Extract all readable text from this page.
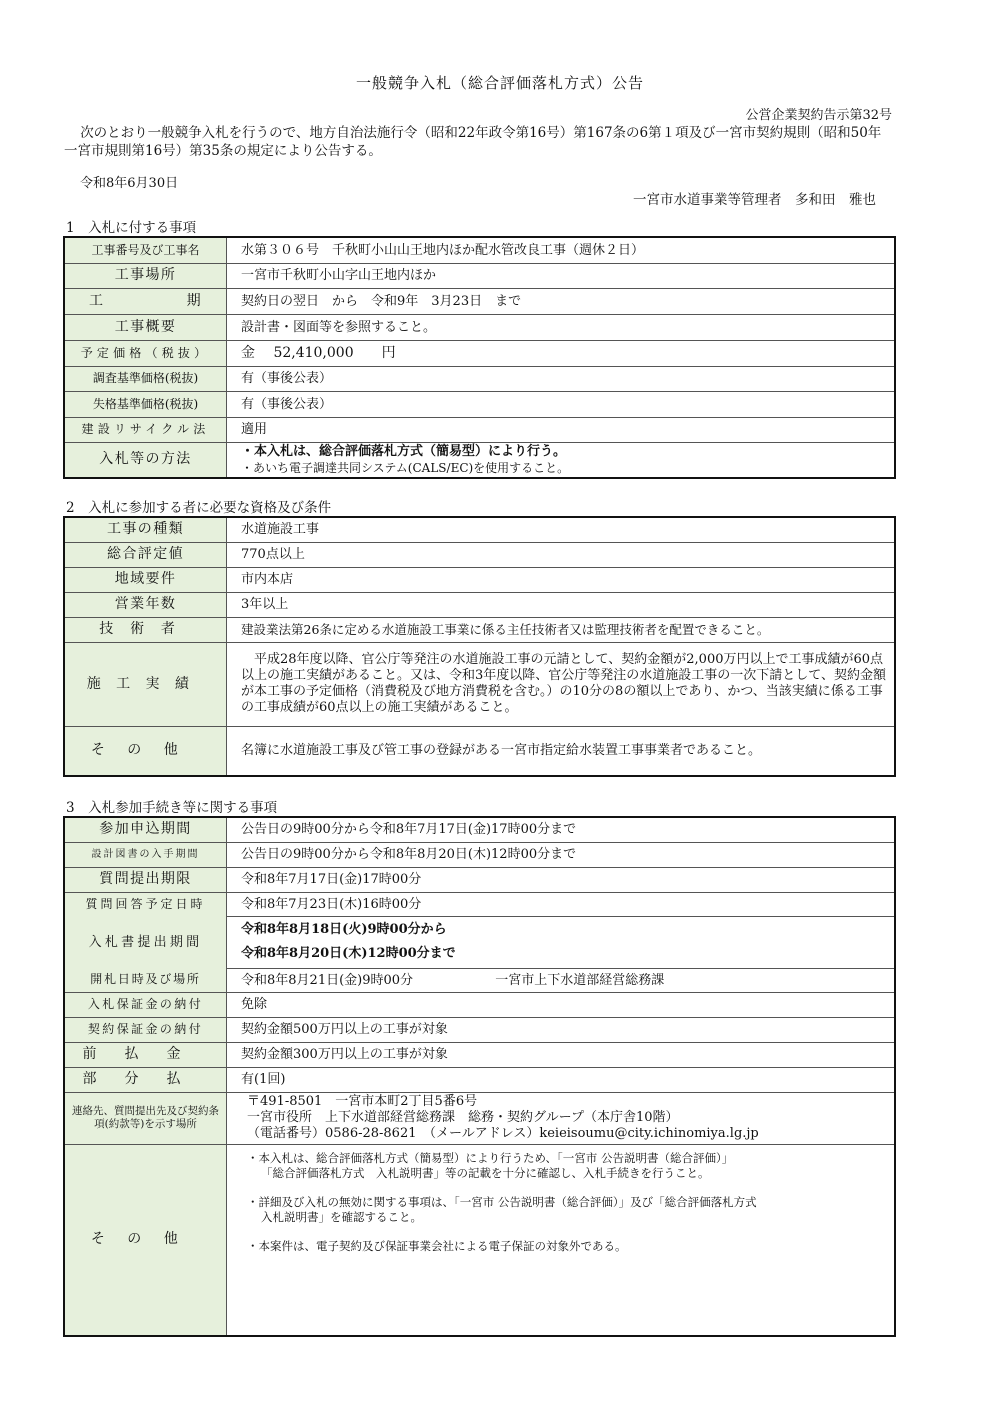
一般競争入札（総合評価落札方式）公告
公営企業契約告示第32号
次のとおり一般競争入札を行うので、地方自治法施行令（昭和22年政令第16号）第167条の6第１項及び一宮市契約規則（昭和50年一宮市規則第16号）第35条の規定により公告する。
令和8年6月30日
一宮市水道事業等管理者　多和田　雅也
1　入札に付する事項
工事番号及び工事名	水第３０６号　千秋町小山山王地内ほか配水管改良工事（週休２日）
工事場所	一宮市千秋町小山字山王地内ほか

工 期	契約日の翌日　から　令和9年　3月23日　まで
工事概要	設計書・図面等を参照すること。
予定価格（税抜）	金　 52,410,000　　円
調査基準価格(税抜)	有（事後公表）
失格基準価格(税抜)	有（事後公表）
建設リサイクル法	適用
入札等の方法	・本入札は、総合評価落札方式（簡易型）により行う。
・あいち電子調達共同システム(CALS/EC)を使用すること。
2　入札に参加する者に必要な資格及び条件
工事の種類	水道施設工事
総合評定値	770点以上
地域要件	市内本店
営業年数	3年以上
技術者	建設業法第26条に定める水道施設工事業に係る主任技術者又は監理技術者を配置できること。
施工実績	平成28年度以降、官公庁等発注の水道施設工事の元請として、契約金額が2,000万円以上で工事成績が60点以上の施工実績があること。又は、令和3年度以降、官公庁等発注の水道施設工事の一次下請として、契約金額が本工事の予定価格（消費税及び地方消費税を含む。）の10分の8の額以上であり、かつ、当該実績に係る工事の工事成績が60点以上の施工実績があること。
その他	名簿に水道施設工事及び管工事の登録がある一宮市指定給水装置工事事業者であること。
3　入札参加手続き等に関する事項
参加申込期間	公告日の9時00分から令和8年7月17日(金)17時00分まで
設計図書の入手期間	公告日の9時00分から令和8年8月20日(木)12時00分まで
質問提出期限	令和8年7月17日(金)17時00分
質問回答予定日時	令和8年7月23日(木)16時00分
入札書提出期間	令和8年8月18日(火)9時00分から
令和8年8月20日(木)12時00分まで

開札日時及び場所	令和8年8月21日(金)9時00分 一宮市上下水道部経営総務課
入札保証金の納付	免除
契約保証金の納付	契約金額500万円以上の工事が対象
前払金	契約金額300万円以上の工事が対象
部分払	有(1回)
連絡先、質問提出先及び契約条項(約款等)を示す場所	〒491-8501　一宮市本町2丁目5番6号
一宮市役所　上下水道部経営総務課　総務・契約グループ（本庁舎10階）
（電話番号）0586-28-8621　（メールアドレス）keieisoumu@city.ichinomiya.lg.jp

その他	・本入札は、総合評価落札方式（簡易型）により行うため、「一宮市 公告説明書（総合評価）」
「総合評価落札方式　入札説明書」等の記載を十分に確認し、入札手続きを行うこと。

・詳細及び入札の無効に関する事項は、「一宮市 公告説明書（総合評価）」及び「総合評価落札方式
入札説明書」を確認すること。

・本案件は、電子契約及び保証事業会社による電子保証の対象外である。
